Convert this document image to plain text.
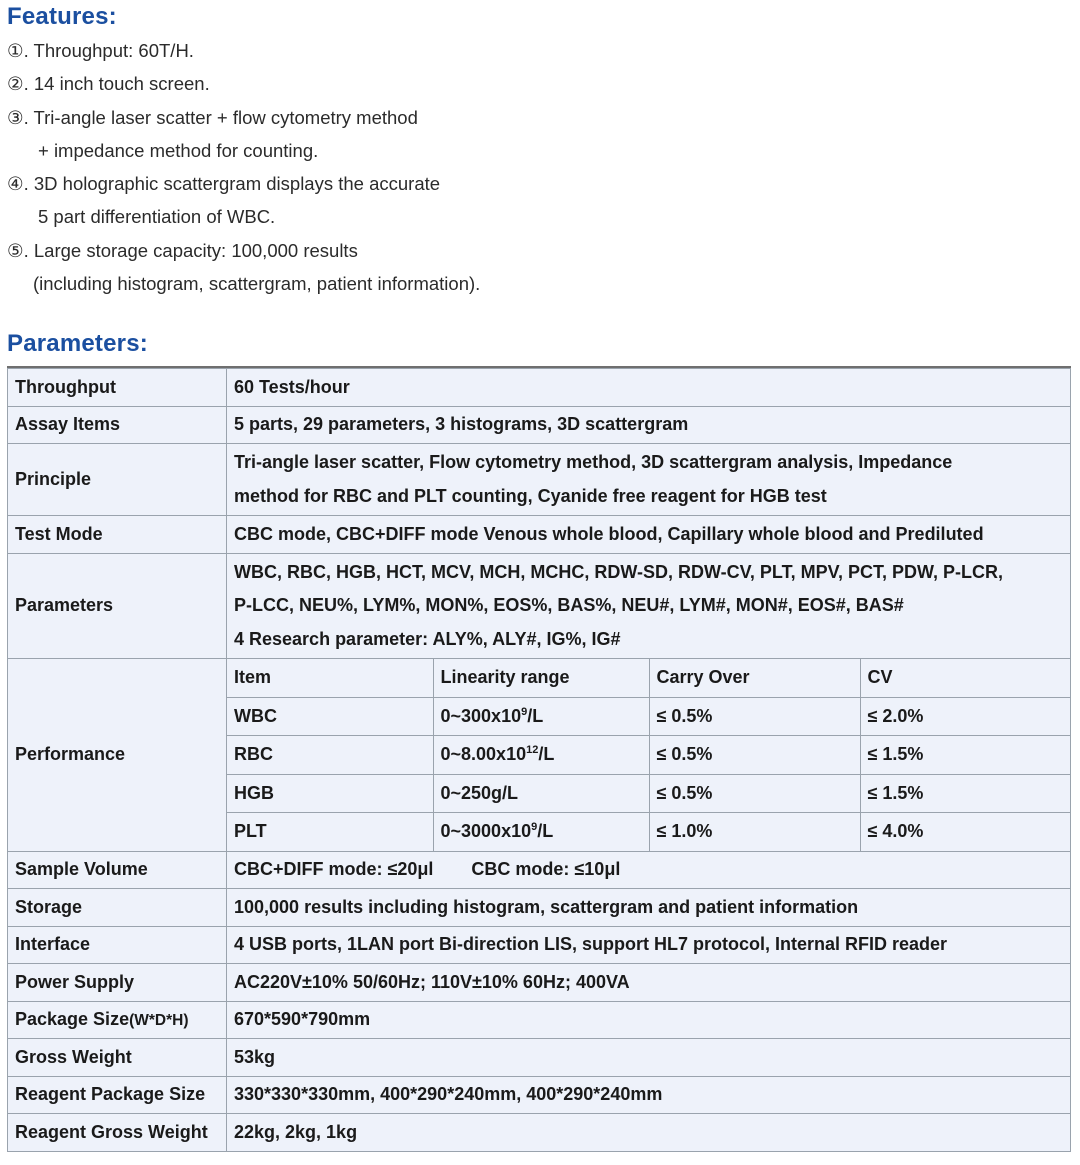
Features:
①. Throughput: 60T/H.
②. 14 inch touch screen.
③. Tri-angle laser scatter + flow cytometry method
+ impedance method for counting.
④. 3D holographic scattergram displays the accurate
5 part differentiation of WBC.
⑤. Large storage capacity: 100,000 results
(including histogram, scattergram, patient information).
Parameters:
Throughput	60 Tests/hour
Assay Items	5 parts, 29 parameters, 3 histograms, 3D scattergram
Principle	
Tri-angle laser scatter, Flow cytometry method, 3D scattergram analysis, Impedance
method for RBC and PLT counting, Cyanide free reagent for HGB test

Test Mode	CBC mode, CBC+DIFF mode Venous whole blood, Capillary whole blood and Prediluted
Parameters	
WBC, RBC, HGB, HCT, MCV, MCH, MCHC, RDW-SD, RDW-CV, PLT, MPV, PCT, PDW, P-LCR,
P-LCC, NEU%, LYM%, MON%, EOS%, BAS%, NEU#, LYM#, MON#, EOS#, BAS#
4 Research parameter: ALY%, ALY#, IG%, IG#

Performance	
Item	Linearity range	Carry Over	CV
WBC	$0\sim 300x10^9/L$	≤ 0.5%	≤ 2.0%
RBC	$0\sim 8.00x10^{12}/L$	≤ 0.5%	≤ 1.5%
HGB	0~250g/L	≤ 0.5%	≤ 1.5%
PLT	$0\sim 3000x10^9/L$	≤ 1.0%	≤ 4.0%

Sample Volume	CBC+DIFF mode: ≤20μl CBC mode: ≤10μl
Storage	100,000 results including histogram, scattergram and patient information
Interface	4 USB ports, 1LAN port Bi-direction LIS, support HL7 protocol, Internal RFID reader
Power Supply	AC220V±10% 50/60Hz; 110V±10% 60Hz; 400VA
Package Size(W*D*H)	670*590*790mm
Gross Weight	53kg
Reagent Package Size	330*330*330mm, 400*290*240mm, 400*290*240mm
Reagent Gross Weight	22kg, 2kg, 1kg
